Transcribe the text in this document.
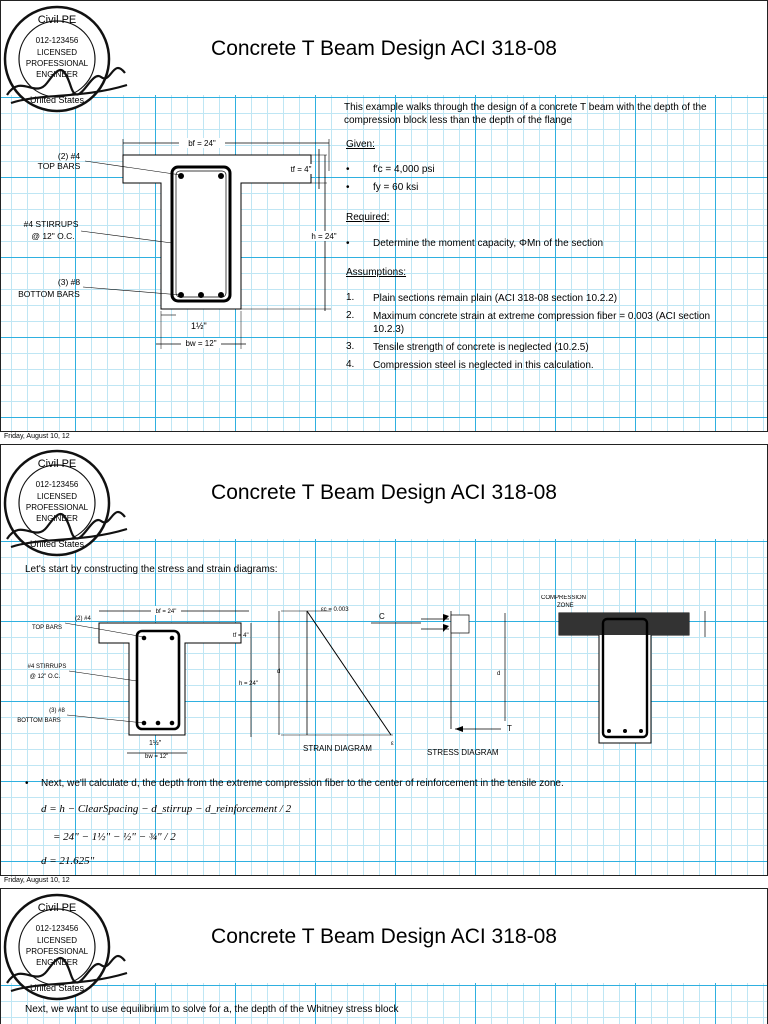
Concrete T Beam Design ACI 318-08
Civil PE
012-123456
LICENSED
PROFESSIONAL
ENGINEER
United States
bf = 24"
tf = 4"
h = 24"
bw = 12"
1½"
(2) #4
TOP BARS
#4 STIRRUPS
@ 12" O.C.
(3) #8
BOTTOM BARS
This example walks through the design of a concrete T beam with the depth of the compression block less than the depth of the flange
Given:
• f′c = 4,000 psi
• fy = 60 ksi
Required:
• Determine the moment capacity, ΦMn of the section
Assumptions:
1. Plain sections remain plain (ACI 318-08 section 10.2.2)
2. Maximum concrete strain at extreme compression fiber = 0.003 (ACI section 10.2.3)
3. Tensile strength of concrete is neglected (10.2.5)
4. Compression steel is neglected in this calculation.
Friday, August 10, 12
Concrete T Beam Design ACI 318-08
Civil PE
012-123456
LICENSED
PROFESSIONAL
ENGINEER
United States
Let's start by constructing the stress and strain diagrams:
bf = 24"
tf = 4"
h = 24"
bw = 12"
1½"
(2) #4
TOP BARS
#4 STIRRUPS
@ 12" O.C.
(3) #8
BOTTOM BARS
εc = 0.003
d
ε
STRAIN DIAGRAM
C
T
d
STRESS DIAGRAM
COMPRESSION
ZONE
• Next, we'll calculate d, the depth from the extreme compression fiber to the center of reinforcement in the tensile zone.
d = h − ClearSpacing − d_stirrup − d_reinforcement / 2
= 24" − 1½" − ½" − ¾" / 2
d = 21.625"
Friday, August 10, 12
Concrete T Beam Design ACI 318-08
Civil PE
012-123456
LICENSED
PROFESSIONAL
ENGINEER
United States
Next, we want to use equilibrium to solve for a, the depth of the Whitney stress block
